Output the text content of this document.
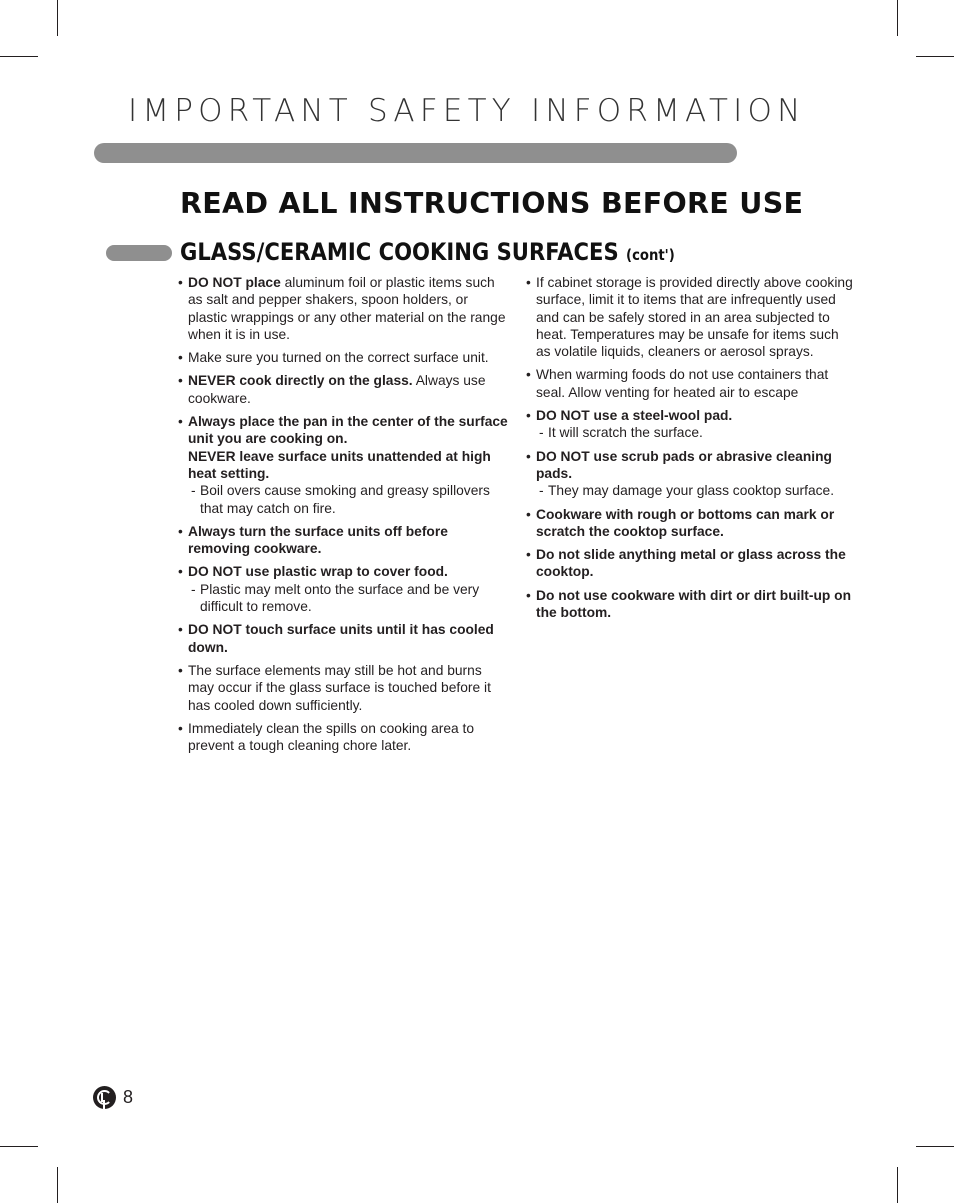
IMPORTANT SAFETY INFORMATION
READ ALL INSTRUCTIONS BEFORE USE
GLASS/CERAMIC COOKING SURFACES (cont')
• DO NOT place aluminum foil or plastic items such as salt and pepper shakers, spoon holders, or plastic wrappings or any other material on the range when it is in use.
• Make sure you turned on the correct surface unit.
• NEVER cook directly on the glass. Always use cookware.
• Always place the pan in the center of the surface unit you are cooking on.
NEVER leave surface units unattended at high heat setting.
- Boil overs cause smoking and greasy spillovers that may catch on fire.
• Always turn the surface units off before removing cookware.
• DO NOT use plastic wrap to cover food.
- Plastic may melt onto the surface and be very difficult to remove.
• DO NOT touch surface units until it has cooled down.
• The surface elements may still be hot and burns may occur if the glass surface is touched before it has cooled down sufficiently.
• Immediately clean the spills on cooking area to prevent a tough cleaning chore later.
• If cabinet storage is provided directly above cooking surface, limit it to items that are infrequently used and can be safely stored in an area subjected to heat. Temperatures may be unsafe for items such as volatile liquids, cleaners or aerosol sprays.
• When warming foods do not use containers that seal. Allow venting for heated air to escape
• DO NOT use a steel-wool pad.
- It will scratch the surface.
• DO NOT use scrub pads or abrasive cleaning pads.
- They may damage your glass cooktop surface.
• Cookware with rough or bottoms can mark or scratch the cooktop surface.
• Do not slide anything metal or glass across the cooktop.
• Do not use cookware with dirt or dirt built-up on the bottom.
8
